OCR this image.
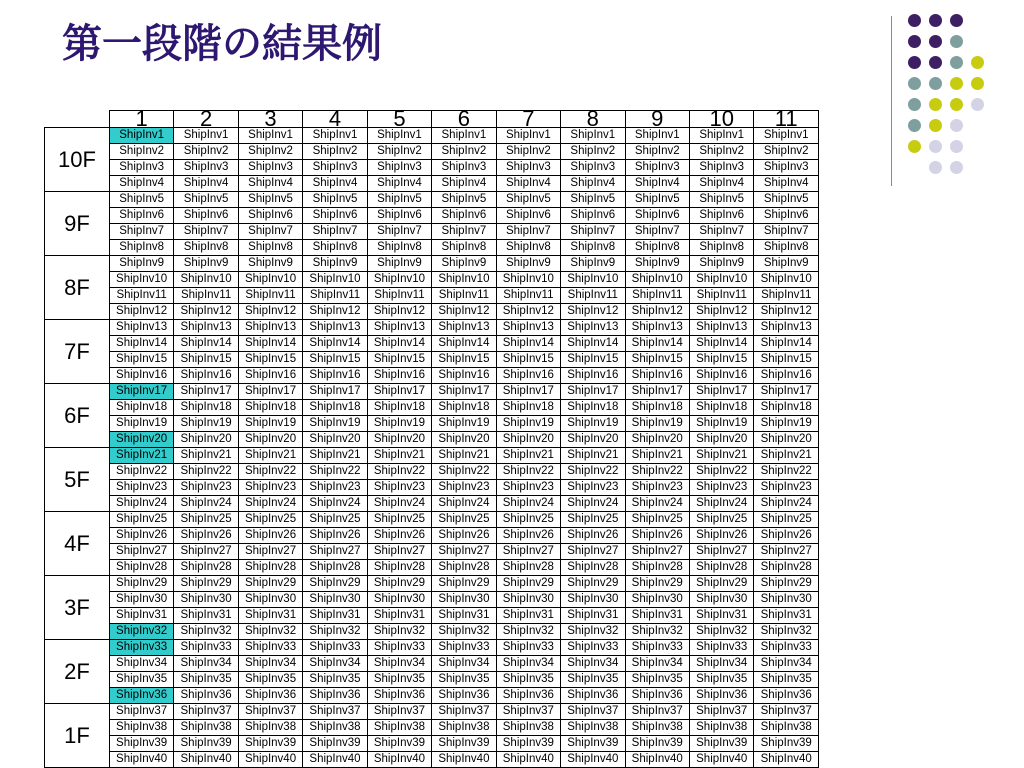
第一段階の結果例
	1	2	3	4	5	6	7	8	9	10	11
10F	ShipInv1	ShipInv1	ShipInv1	ShipInv1	ShipInv1	ShipInv1	ShipInv1	ShipInv1	ShipInv1	ShipInv1	ShipInv1
	ShipInv2	ShipInv2	ShipInv2	ShipInv2	ShipInv2	ShipInv2	ShipInv2	ShipInv2	ShipInv2	ShipInv2	ShipInv2
	ShipInv3	ShipInv3	ShipInv3	ShipInv3	ShipInv3	ShipInv3	ShipInv3	ShipInv3	ShipInv3	ShipInv3	ShipInv3
	ShipInv4	ShipInv4	ShipInv4	ShipInv4	ShipInv4	ShipInv4	ShipInv4	ShipInv4	ShipInv4	ShipInv4	ShipInv4
9F	ShipInv5	ShipInv5	ShipInv5	ShipInv5	ShipInv5	ShipInv5	ShipInv5	ShipInv5	ShipInv5	ShipInv5	ShipInv5
	ShipInv6	ShipInv6	ShipInv6	ShipInv6	ShipInv6	ShipInv6	ShipInv6	ShipInv6	ShipInv6	ShipInv6	ShipInv6
	ShipInv7	ShipInv7	ShipInv7	ShipInv7	ShipInv7	ShipInv7	ShipInv7	ShipInv7	ShipInv7	ShipInv7	ShipInv7
	ShipInv8	ShipInv8	ShipInv8	ShipInv8	ShipInv8	ShipInv8	ShipInv8	ShipInv8	ShipInv8	ShipInv8	ShipInv8
8F	ShipInv9	ShipInv9	ShipInv9	ShipInv9	ShipInv9	ShipInv9	ShipInv9	ShipInv9	ShipInv9	ShipInv9	ShipInv9
	ShipInv10	ShipInv10	ShipInv10	ShipInv10	ShipInv10	ShipInv10	ShipInv10	ShipInv10	ShipInv10	ShipInv10	ShipInv10
	ShipInv11	ShipInv11	ShipInv11	ShipInv11	ShipInv11	ShipInv11	ShipInv11	ShipInv11	ShipInv11	ShipInv11	ShipInv11
	ShipInv12	ShipInv12	ShipInv12	ShipInv12	ShipInv12	ShipInv12	ShipInv12	ShipInv12	ShipInv12	ShipInv12	ShipInv12
7F	ShipInv13	ShipInv13	ShipInv13	ShipInv13	ShipInv13	ShipInv13	ShipInv13	ShipInv13	ShipInv13	ShipInv13	ShipInv13
	ShipInv14	ShipInv14	ShipInv14	ShipInv14	ShipInv14	ShipInv14	ShipInv14	ShipInv14	ShipInv14	ShipInv14	ShipInv14
	ShipInv15	ShipInv15	ShipInv15	ShipInv15	ShipInv15	ShipInv15	ShipInv15	ShipInv15	ShipInv15	ShipInv15	ShipInv15
	ShipInv16	ShipInv16	ShipInv16	ShipInv16	ShipInv16	ShipInv16	ShipInv16	ShipInv16	ShipInv16	ShipInv16	ShipInv16
6F	ShipInv17	ShipInv17	ShipInv17	ShipInv17	ShipInv17	ShipInv17	ShipInv17	ShipInv17	ShipInv17	ShipInv17	ShipInv17
	ShipInv18	ShipInv18	ShipInv18	ShipInv18	ShipInv18	ShipInv18	ShipInv18	ShipInv18	ShipInv18	ShipInv18	ShipInv18
	ShipInv19	ShipInv19	ShipInv19	ShipInv19	ShipInv19	ShipInv19	ShipInv19	ShipInv19	ShipInv19	ShipInv19	ShipInv19
	ShipInv20	ShipInv20	ShipInv20	ShipInv20	ShipInv20	ShipInv20	ShipInv20	ShipInv20	ShipInv20	ShipInv20	ShipInv20
5F	ShipInv21	ShipInv21	ShipInv21	ShipInv21	ShipInv21	ShipInv21	ShipInv21	ShipInv21	ShipInv21	ShipInv21	ShipInv21
	ShipInv22	ShipInv22	ShipInv22	ShipInv22	ShipInv22	ShipInv22	ShipInv22	ShipInv22	ShipInv22	ShipInv22	ShipInv22
	ShipInv23	ShipInv23	ShipInv23	ShipInv23	ShipInv23	ShipInv23	ShipInv23	ShipInv23	ShipInv23	ShipInv23	ShipInv23
	ShipInv24	ShipInv24	ShipInv24	ShipInv24	ShipInv24	ShipInv24	ShipInv24	ShipInv24	ShipInv24	ShipInv24	ShipInv24
4F	ShipInv25	ShipInv25	ShipInv25	ShipInv25	ShipInv25	ShipInv25	ShipInv25	ShipInv25	ShipInv25	ShipInv25	ShipInv25
	ShipInv26	ShipInv26	ShipInv26	ShipInv26	ShipInv26	ShipInv26	ShipInv26	ShipInv26	ShipInv26	ShipInv26	ShipInv26
	ShipInv27	ShipInv27	ShipInv27	ShipInv27	ShipInv27	ShipInv27	ShipInv27	ShipInv27	ShipInv27	ShipInv27	ShipInv27
	ShipInv28	ShipInv28	ShipInv28	ShipInv28	ShipInv28	ShipInv28	ShipInv28	ShipInv28	ShipInv28	ShipInv28	ShipInv28
3F	ShipInv29	ShipInv29	ShipInv29	ShipInv29	ShipInv29	ShipInv29	ShipInv29	ShipInv29	ShipInv29	ShipInv29	ShipInv29
	ShipInv30	ShipInv30	ShipInv30	ShipInv30	ShipInv30	ShipInv30	ShipInv30	ShipInv30	ShipInv30	ShipInv30	ShipInv30
	ShipInv31	ShipInv31	ShipInv31	ShipInv31	ShipInv31	ShipInv31	ShipInv31	ShipInv31	ShipInv31	ShipInv31	ShipInv31
	ShipInv32	ShipInv32	ShipInv32	ShipInv32	ShipInv32	ShipInv32	ShipInv32	ShipInv32	ShipInv32	ShipInv32	ShipInv32
2F	ShipInv33	ShipInv33	ShipInv33	ShipInv33	ShipInv33	ShipInv33	ShipInv33	ShipInv33	ShipInv33	ShipInv33	ShipInv33
	ShipInv34	ShipInv34	ShipInv34	ShipInv34	ShipInv34	ShipInv34	ShipInv34	ShipInv34	ShipInv34	ShipInv34	ShipInv34
	ShipInv35	ShipInv35	ShipInv35	ShipInv35	ShipInv35	ShipInv35	ShipInv35	ShipInv35	ShipInv35	ShipInv35	ShipInv35
	ShipInv36	ShipInv36	ShipInv36	ShipInv36	ShipInv36	ShipInv36	ShipInv36	ShipInv36	ShipInv36	ShipInv36	ShipInv36
1F	ShipInv37	ShipInv37	ShipInv37	ShipInv37	ShipInv37	ShipInv37	ShipInv37	ShipInv37	ShipInv37	ShipInv37	ShipInv37
	ShipInv38	ShipInv38	ShipInv38	ShipInv38	ShipInv38	ShipInv38	ShipInv38	ShipInv38	ShipInv38	ShipInv38	ShipInv38
	ShipInv39	ShipInv39	ShipInv39	ShipInv39	ShipInv39	ShipInv39	ShipInv39	ShipInv39	ShipInv39	ShipInv39	ShipInv39
	ShipInv40	ShipInv40	ShipInv40	ShipInv40	ShipInv40	ShipInv40	ShipInv40	ShipInv40	ShipInv40	ShipInv40	ShipInv40
